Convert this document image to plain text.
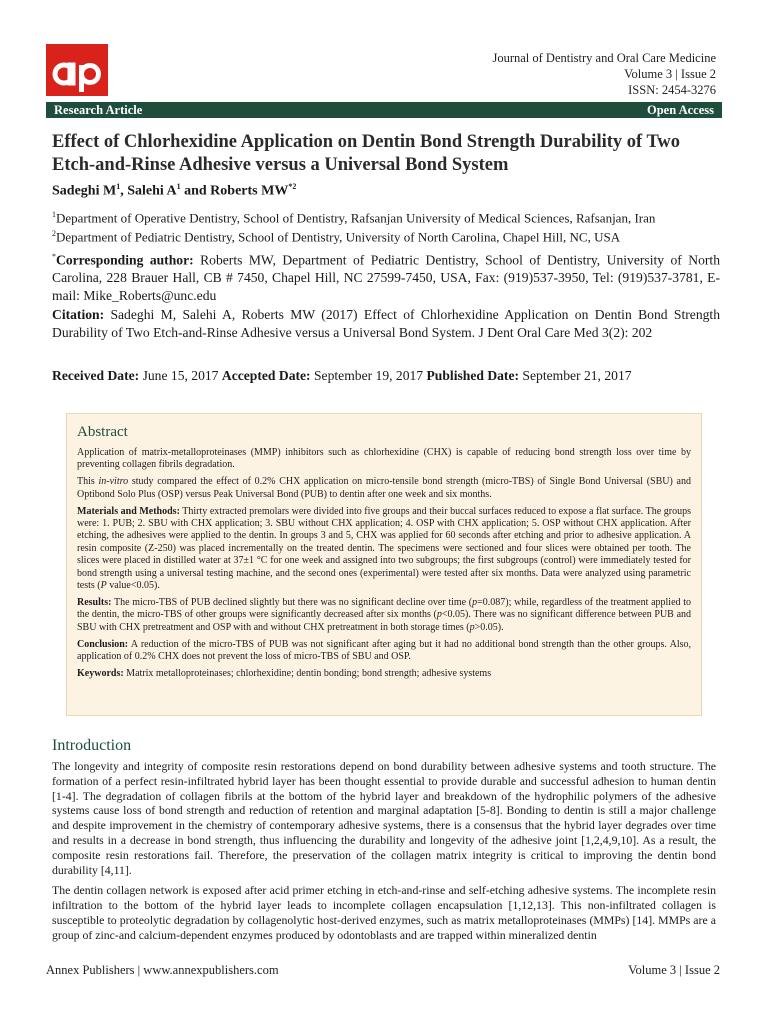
Journal of Dentistry and Oral Care Medicine
Volume 3 | Issue 2
ISSN: 2454-3276
Research Article	Open Access
Effect of Chlorhexidine Application on Dentin Bond Strength Durability of Two Etch-and-Rinse Adhesive versus a Universal Bond System
Sadeghi $M^1$, Salehi $A^1$ and Roberts MW$^{*2}$
$^1$Department of Operative Dentistry, School of Dentistry, Rafsanjan University of Medical Sciences, Rafsanjan, Iran
$^2$Department of Pediatric Dentistry, School of Dentistry, University of North Carolina, Chapel Hill, NC, USA
*Corresponding author: Roberts MW, Department of Pediatric Dentistry, School of Dentistry, University of North Carolina, 228 Brauer Hall, CB # 7450, Chapel Hill, NC 27599-7450, USA, Fax: (919)537-3950, Tel: (919)537-3781, E-mail: Mike_Roberts@unc.edu
Citation: Sadeghi M, Salehi A, Roberts MW (2017) Effect of Chlorhexidine Application on Dentin Bond Strength Durability of Two Etch-and-Rinse Adhesive versus a Universal Bond System. J Dent Oral Care Med 3(2): 202
Received Date: June 15, 2017 Accepted Date: September 19, 2017 Published Date: September 21, 2017
Abstract

Application of matrix-metalloproteinases (MMP) inhibitors such as chlorhexidine (CHX) is capable of reducing bond strength loss over time by preventing collagen fibrils degradation.

This in-vitro study compared the effect of 0.2% CHX application on micro-tensile bond strength (micro-TBS) of Single Bond Universal (SBU) and Optibond Solo Plus (OSP) versus Peak Universal Bond (PUB) to dentin after one week and six months.

Materials and Methods: Thirty extracted premolars were divided into five groups and their buccal surfaces reduced to expose a flat surface. The groups were: 1. PUB; 2. SBU with CHX application; 3. SBU without CHX application; 4. OSP with CHX application; 5. OSP without CHX application. After etching, the adhesives were applied to the dentin. In groups 3 and 5, CHX was applied for 60 seconds after etching and prior to adhesive application. A resin composite (Z-250) was placed incrementally on the treated dentin. The specimens were sectioned and four slices were obtained per tooth. The slices were placed in distilled water at 37±1 °C for one week and assigned into two subgroups; the first subgroups (control) were immediately tested for bond strength using a universal testing machine, and the second ones (experimental) were tested after six months. Data were analyzed using parametric tests (P value<0.05).

Results: The micro-TBS of PUB declined slightly but there was no significant decline over time (p=0.087); while, regardless of the treatment applied to the dentin, the micro-TBS of other groups were significantly decreased after six months (p<0.05). There was no significant difference between PUB and SBU with CHX pretreatment and OSP with and without CHX pretreatment in both storage times (p>0.05).

Conclusion: A reduction of the micro-TBS of PUB was not significant after aging but it had no additional bond strength than the other groups. Also, application of 0.2% CHX does not prevent the loss of micro-TBS of SBU and OSP.

Keywords: Matrix metalloproteinases; chlorhexidine; dentin bonding; bond strength; adhesive systems

Introduction

The longevity and integrity of composite resin restorations depend on bond durability between adhesive systems and tooth structure. The formation of a perfect resin-infiltrated hybrid layer has been thought essential to provide durable and successful adhesion to human dentin [1-4]. The degradation of collagen fibrils at the bottom of the hybrid layer and breakdown of the hydrophilic polymers of the adhesive systems cause loss of bond strength and reduction of retention and marginal adaptation [5-8]. Bonding to dentin is still a major challenge and despite improvement in the chemistry of contemporary adhesive systems, there is a consensus that the hybrid layer degrades over time and results in a decrease in bond strength, thus influencing the durability and longevity of the adhesive joint [1,2,4,9,10]. As a result, the composite resin restorations fail. Therefore, the preservation of the collagen matrix integrity is critical to improving the dentin bond durability [4,11].

The dentin collagen network is exposed after acid primer etching in etch-and-rinse and self-etching adhesive systems. The incomplete resin infiltration to the bottom of the hybrid layer leads to incomplete collagen encapsulation [1,12,13]. This non-infiltrated collagen is susceptible to proteolytic degradation by collagenolytic host-derived enzymes, such as matrix metalloproteinases (MMPs) [14]. MMPs are a group of zinc-and calcium-dependent enzymes produced by odontoblasts and are trapped within mineralized dentin

Annex Publishers | www.annexpublishers.com	Volume 3 | Issue 2
